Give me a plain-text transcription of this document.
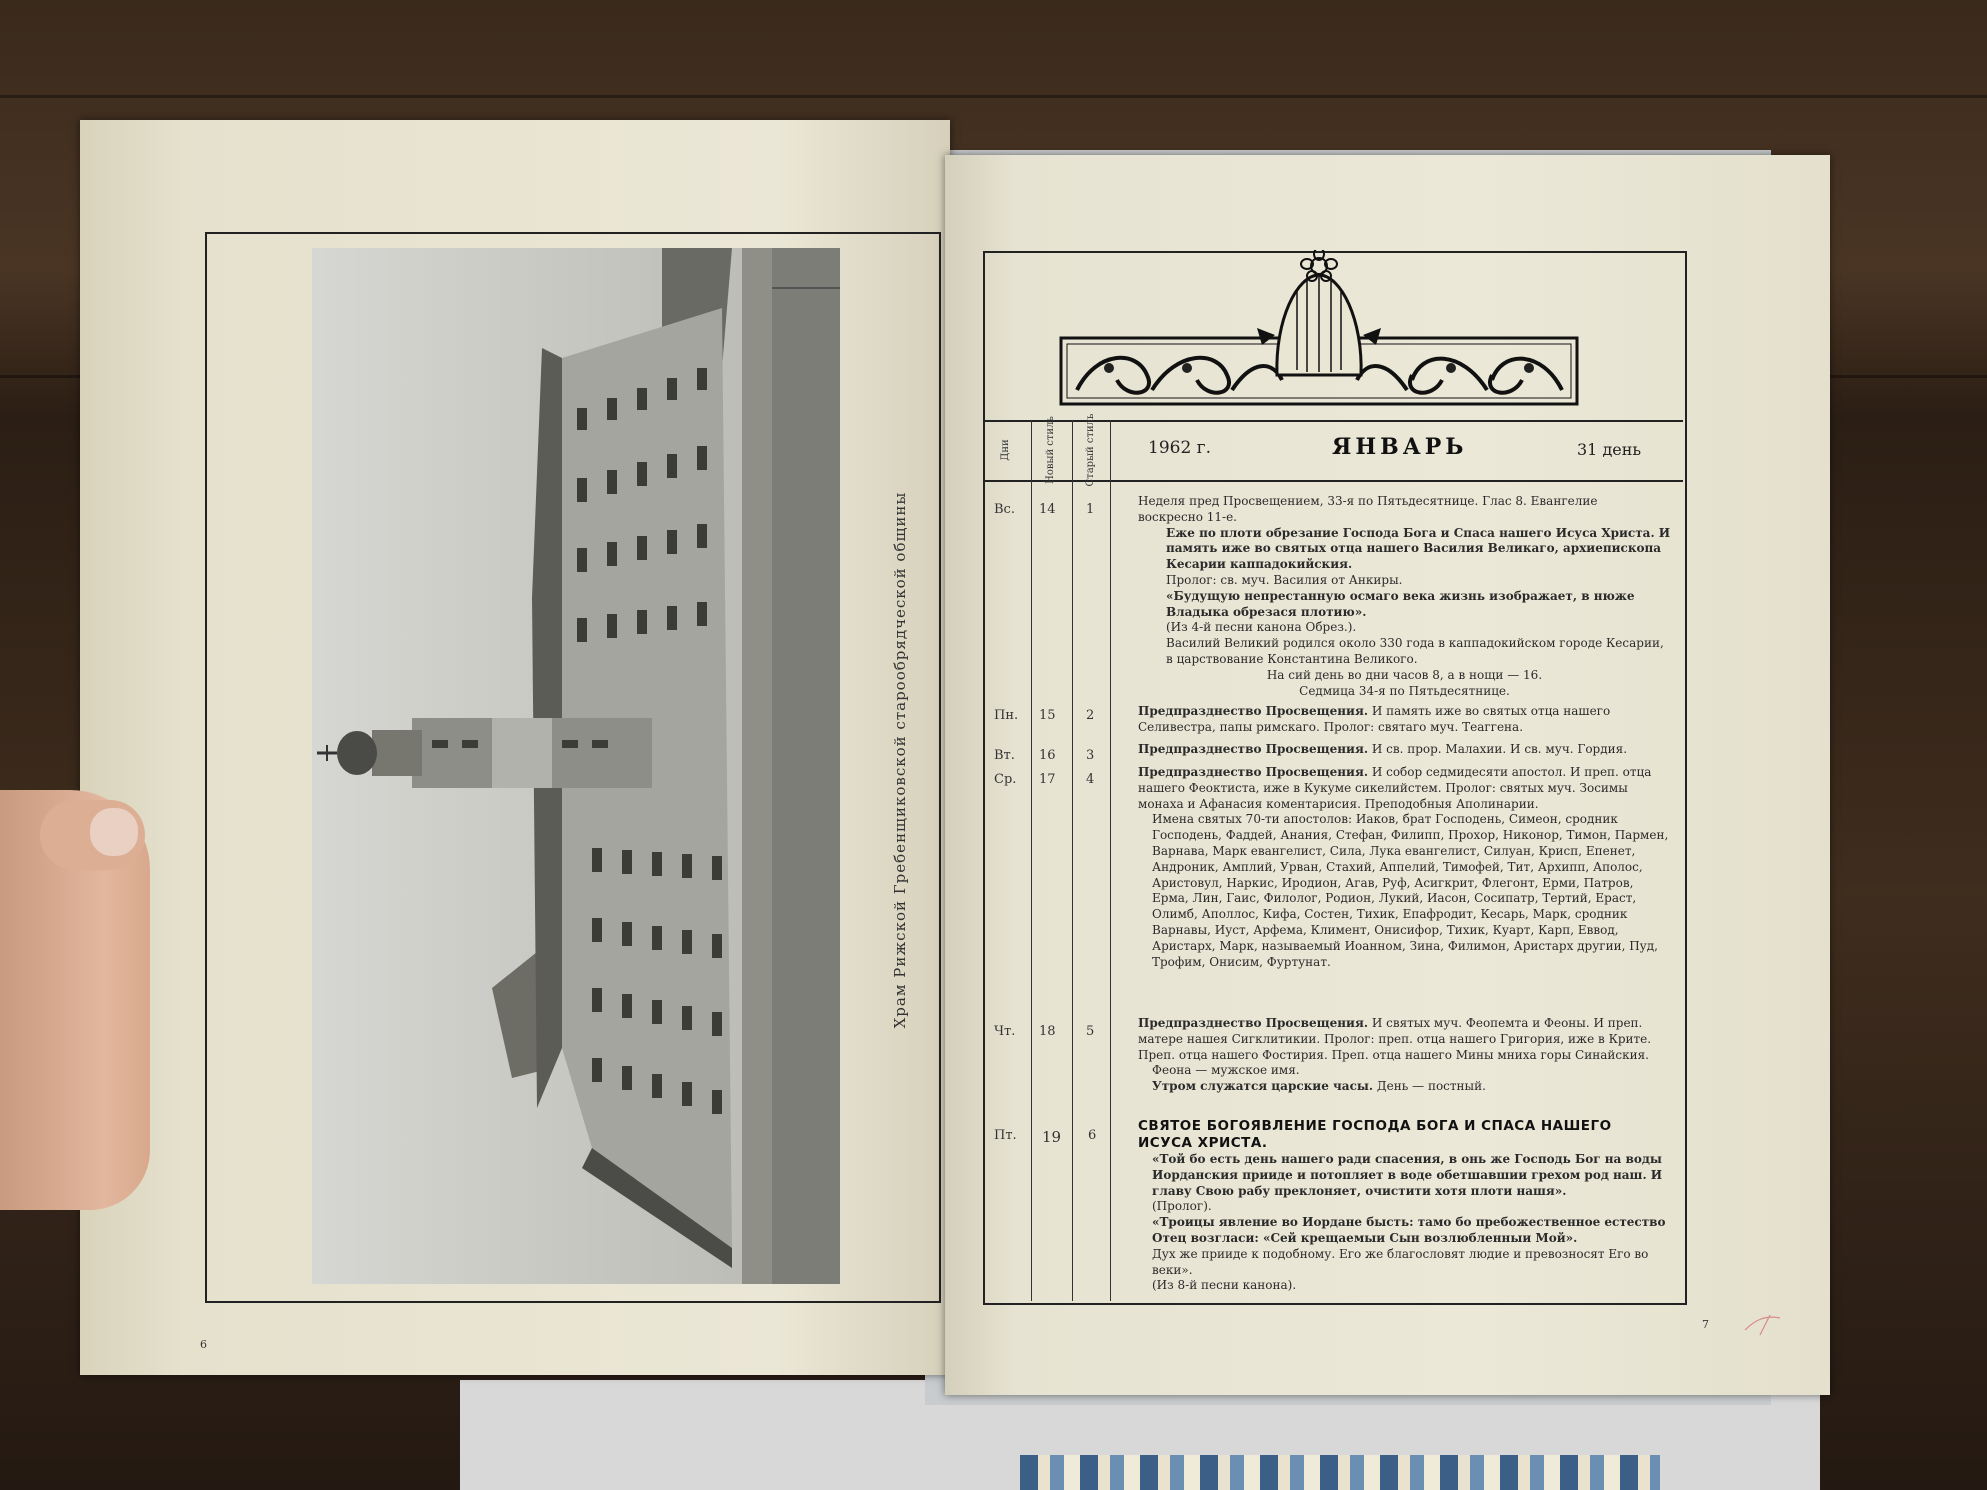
Храм Рижской Гребенщиковской старообрядческой общины
6
Дни	Новый стиль	Старый стиль	1962 г.	ЯНВАРЬ	31 день
Вс. 14 1

Неделя пред Просвещением, 33-я по Пятьдесятнице. Глас 8. Евангелие

воскресно 11-е.

Еже по плоти обрезание Господа Бога и Спаса нашего Исуса Христа. И память иже во святых отца нашего Василия Великаго, архиепископа Кесарии каппадокийския.

Пролог: св. муч. Василия от Анкиры.

«Будущую непрестанную осмаго века жизнь изображает, в нюже Владыка обрезася плотию».

(Из 4-й песни канона Обрез.).

Василий Великий родился около 330 года в каппадокийском городе Кесарии, в царствование Константина Великого.

На сий день во дни часов 8, а в нощи — 16.

Седмица 34-я по Пятьдесятнице.

Пн. 15 2	Предпразднество Просвещения. И память иже во святых отца нашего Селивестра, папы римскаго. Пролог: святаго муч. Теаггена.

Вт. 16 3	Предпразднество Просвещения. И св. прор. Малахии. И св. муч. Гордия.

Ср. 17 4	Предпразднество Просвещения. И собор седмидесяти апостол. И преп. отца нашего Феоктиста, иже в Кукуме сикелийстем. Пролог: святых муч. Зосимы монаха и Афанасия коментарисия. Преподобныя Аполинарии.

Имена святых 70-ти апостолов: Иаков, брат Господень, Симеон, сродник Господень, Фаддей, Анания, Стефан, Филипп, Прохор, Никонор, Тимон, Пармен, Варнава, Марк евангелист, Сила, Лука евангелист, Силуан, Крисп, Епенет, Андроник, Амплий, Урван, Стахий, Аппелий, Тимофей, Тит, Архипп, Аполос, Аристовул, Наркис, Иродион, Агав, Руф, Асигкрит, Флегонт, Ерми, Патров, Ерма, Лин, Гаис, Филолог, Родион, Лукий, Иасон, Сосипатр, Тертий, Ераст, Олимб, Аполлос, Кифа, Состен, Тихик, Епафродит, Кесарь, Марк, сродник Варнавы, Иуст, Арфема, Климент, Онисифор, Тихик, Куарт, Карп, Еввод, Аристарх, Марк, называемый Иоанном, Зина, Филимон, Аристарх другии, Пуд, Трофим, Онисим, Фуртунат.

Чт. 18 5

Предпразднество Просвещения. И святых муч. Феопемта и Феоны. И преп. матере нашея Сигклитикии. Пролог: преп. отца нашего Григория, иже в Крите. Преп. отца нашего Фостирия. Преп. отца нашего Мины мниха горы Синайския.

Феона — мужское имя.

Утром служатся царские часы. День — постный.

Пт. 19 6

СВЯТОЕ БОГОЯВЛЕНИЕ ГОСПОДА БОГА И СПАСА НАШЕГО ИСУСА ХРИСТА.

«Той бо есть день нашего ради спасения, в онь же Господь Бог на воды Иорданския прииде и потопляет в воде обетшавшии грехом род наш. И главу Свою рабу преклоняет, очистити хотя плоти нашя».

(Пролог).

«Троицы явление во Иордане бысть: тамо бо пребожественное естество Отец возгласи: «Сей крещаемыи Сын возлюбленныи Мой».

Дух же прииде к подобному. Его же благословят людие и превозносят Его во веки».

(Из 8-й песни канона).

7
